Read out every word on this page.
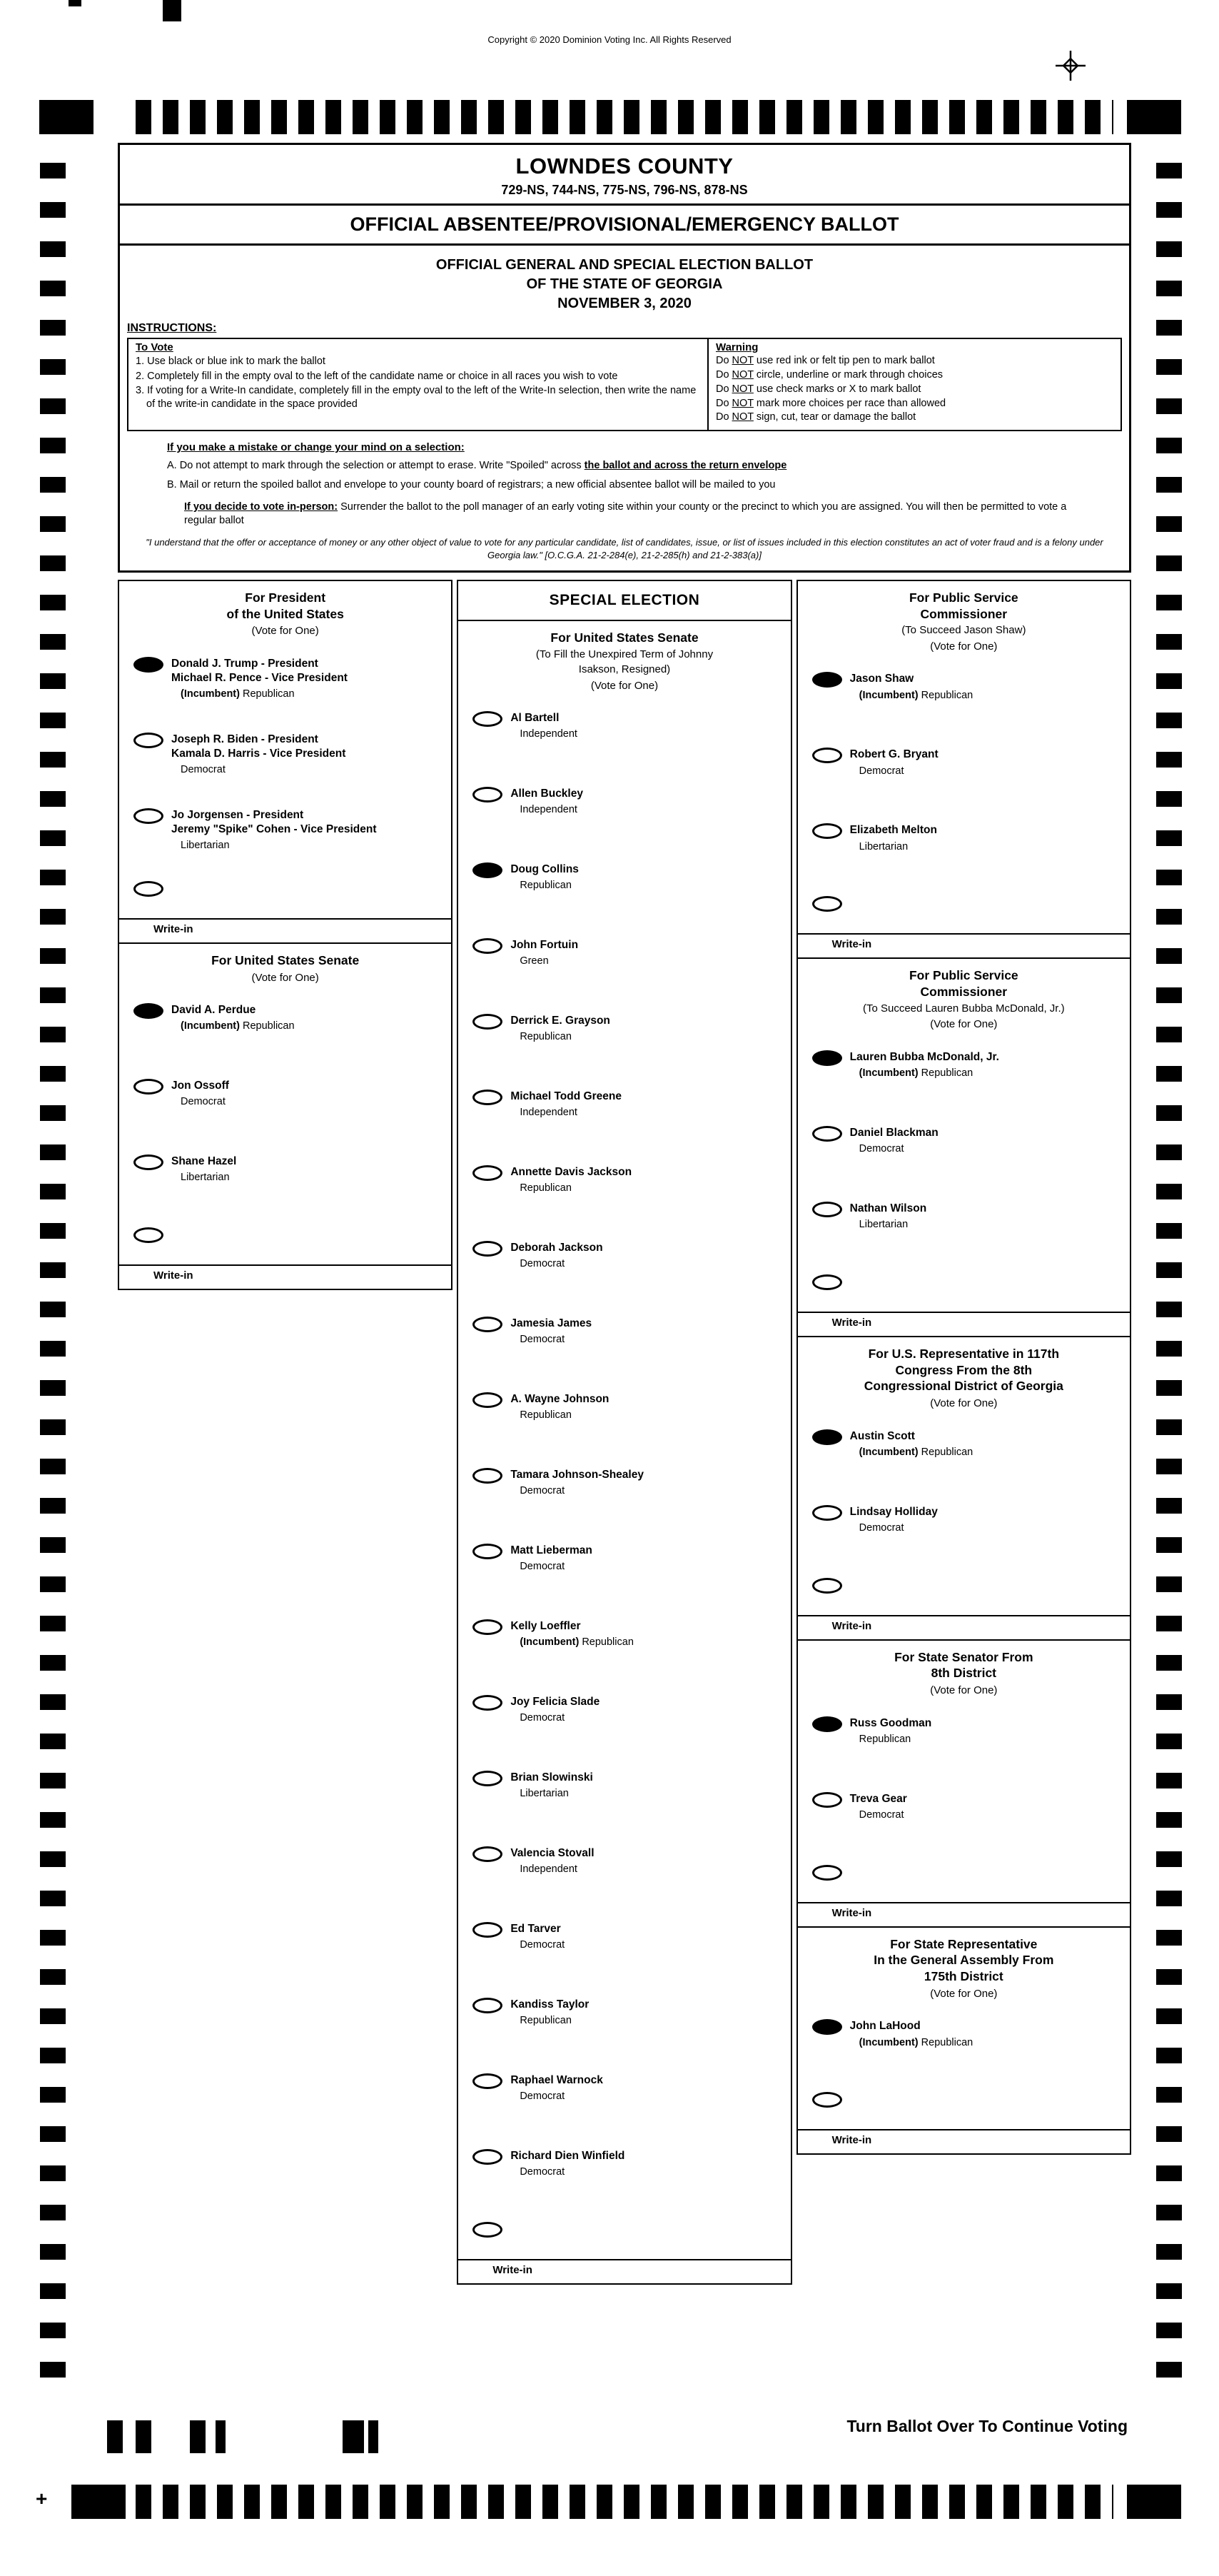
Copyright © 2020 Dominion Voting Inc. All Rights Reserved
LOWNDES COUNTY
729-NS, 744-NS, 775-NS, 796-NS, 878-NS
OFFICIAL ABSENTEE/PROVISIONAL/EMERGENCY BALLOT
OFFICIAL GENERAL AND SPECIAL ELECTION BALLOT
OF THE STATE OF GEORGIA
NOVEMBER 3, 2020
INSTRUCTIONS:
To Vote
1. Use black or blue ink to mark the ballot
2. Completely fill in the empty oval to the left of the candidate name or choice in all races you wish to vote
3. If voting for a Write-In candidate, completely fill in the empty oval to the left of the Write-In selection, then write the name of the write-in candidate in the space provided
Warning
Do NOT use red ink or felt tip pen to mark ballot
Do NOT circle, underline or mark through choices
Do NOT use check marks or X to mark ballot
Do NOT mark more choices per race than allowed
Do NOT sign, cut, tear or damage the ballot
If you make a mistake or change your mind on a selection:
A. Do not attempt to mark through the selection or attempt to erase. Write "Spoiled" across the ballot and across the return envelope
B. Mail or return the spoiled ballot and envelope to your county board of registrars; a new official absentee ballot will be mailed to you
If you decide to vote in-person: Surrender the ballot to the poll manager of an early voting site within your county or the precinct to which you are assigned. You will then be permitted to vote a regular ballot
"I understand that the offer or acceptance of money or any other object of value to vote for any particular candidate, list of candidates, issue, or list of issues included in this election constitutes an act of voter fraud and is a felony under Georgia law." [O.C.G.A. 21-2-284(e), 21-2-285(h) and 21-2-383(a)]
For President
of the United States
(Vote for One)
Donald J. Trump - President
Michael R. Pence - Vice President
(Incumbent) Republican
Joseph R. Biden - President
Kamala D. Harris - Vice President
Democrat
Jo Jorgensen - President
Jeremy "Spike" Cohen - Vice President
Libertarian
Write-in
For United States Senate
(Vote for One)
David A. Perdue
(Incumbent) Republican
Jon Ossoff
Democrat
Shane Hazel
Libertarian
Write-in
SPECIAL ELECTION
For United States Senate
(To Fill the Unexpired Term of Johnny
Isakson, Resigned)
(Vote for One)
Al Bartell
Independent
Allen Buckley
Independent
Doug Collins
Republican
John Fortuin
Green
Derrick E. Grayson
Republican
Michael Todd Greene
Independent
Annette Davis Jackson
Republican
Deborah Jackson
Democrat
Jamesia James
Democrat
A. Wayne Johnson
Republican
Tamara Johnson-Shealey
Democrat
Matt Lieberman
Democrat
Kelly Loeffler
(Incumbent) Republican
Joy Felicia Slade
Democrat
Brian Slowinski
Libertarian
Valencia Stovall
Independent
Ed Tarver
Democrat
Kandiss Taylor
Republican
Raphael Warnock
Democrat
Richard Dien Winfield
Democrat
Write-in
For Public Service
Commissioner
(To Succeed Jason Shaw)
(Vote for One)
Jason Shaw
(Incumbent) Republican
Robert G. Bryant
Democrat
Elizabeth Melton
Libertarian
Write-in
For Public Service
Commissioner
(To Succeed Lauren Bubba McDonald, Jr.)
(Vote for One)
Lauren Bubba McDonald, Jr.
(Incumbent) Republican
Daniel Blackman
Democrat
Nathan Wilson
Libertarian
Write-in
For U.S. Representative in 117th
Congress From the 8th
Congressional District of Georgia
(Vote for One)
Austin Scott
(Incumbent) Republican
Lindsay Holliday
Democrat
Write-in
For State Senator From
8th District
(Vote for One)
Russ Goodman
Republican
Treva Gear
Democrat
Write-in
For State Representative
In the General Assembly From
175th District
(Vote for One)
John LaHood
(Incumbent) Republican
Write-in
Turn Ballot Over To Continue Voting
+
